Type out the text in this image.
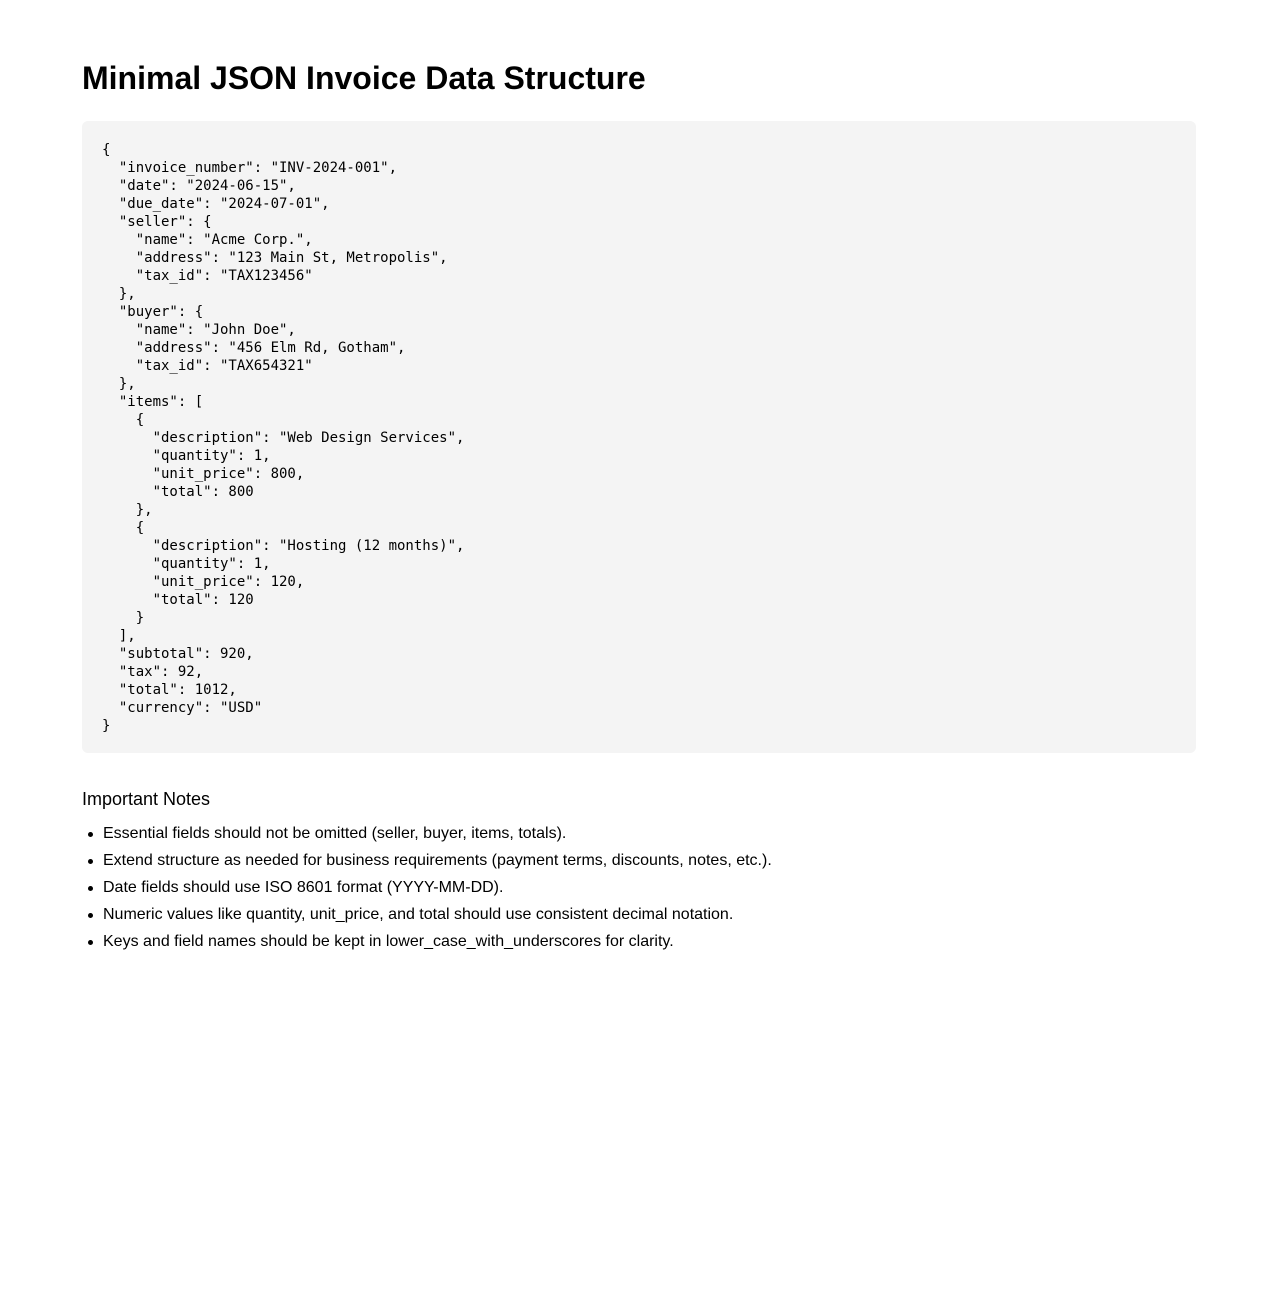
Minimal JSON Invoice Data Structure
{
"invoice_number": "INV-2024-001",
"date": "2024-06-15",
"due_date": "2024-07-01",
"seller": {
"name": "Acme Corp.",
"address": "123 Main St, Metropolis",
"tax_id": "TAX123456"
},
"buyer": {
"name": "John Doe",
"address": "456 Elm Rd, Gotham",
"tax_id": "TAX654321"
},
"items": [
{
"description": "Web Design Services",
"quantity": 1,
"unit_price": 800,
"total": 800
},
{
"description": "Hosting (12 months)",
"quantity": 1,
"unit_price": 120,
"total": 120
}
],
"subtotal": 920,
"tax": 92,
"total": 1012,
"currency": "USD"
}
Important Notes
Essential fields should not be omitted (seller, buyer, items, totals).
Extend structure as needed for business requirements (payment terms, discounts, notes, etc.).
Date fields should use ISO 8601 format (YYYY-MM-DD).
Numeric values like quantity, unit_price, and total should use consistent decimal notation.
Keys and field names should be kept in lower_case_with_underscores for clarity.
